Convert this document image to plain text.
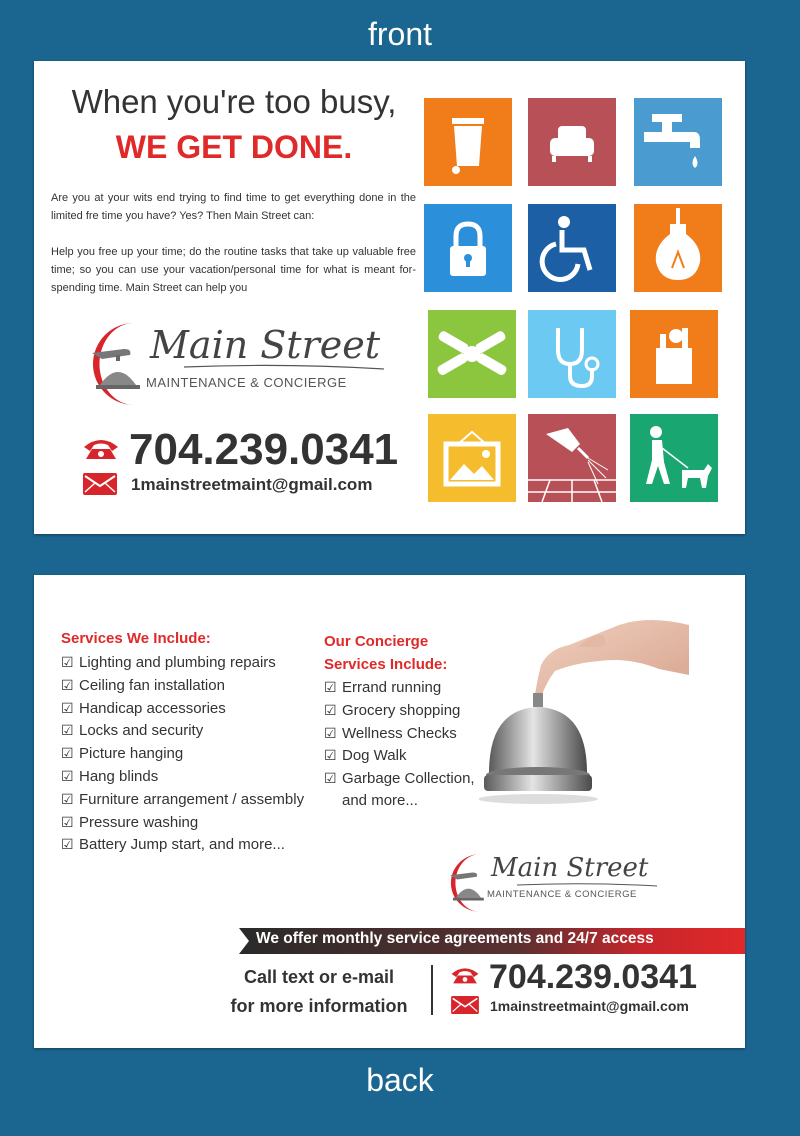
front
When you're too busy,
WE GET DONE.

Are you at your wits end trying to find time to get everything done in the limited fre time you have? Yes? Then Main Street can:

Help you free up your time; do the routine tasks that take up valuable free time; so you can use your vacation/personal time for what is meant for- spending time. Main Street can help you

Main Street
MAINTENANCE & CONCIERGE
704.239.0341
1mainstreetmaint@gmail.com
Services We Include:
☑ Lighting and plumbing repairs
☑ Ceiling fan installation
☑ Handicap accessories
☑ Locks and security
☑ Picture hanging
☑ Hang blinds
☑ Furniture arrangement / assembly
☑ Pressure washing
☑ Battery Jump start, and more...
Our Concierge
Services Include:
☑ Errand running
☑ Grocery shopping
☑ Wellness Checks
☑ Dog Walk
☑ Garbage Collection,
and more...
Main Street
MAINTENANCE & CONCIERGE
We offer monthly service agreements and 24/7 access
Call text or e-mail
for more information
704.239.0341
1mainstreetmaint@gmail.com
back
